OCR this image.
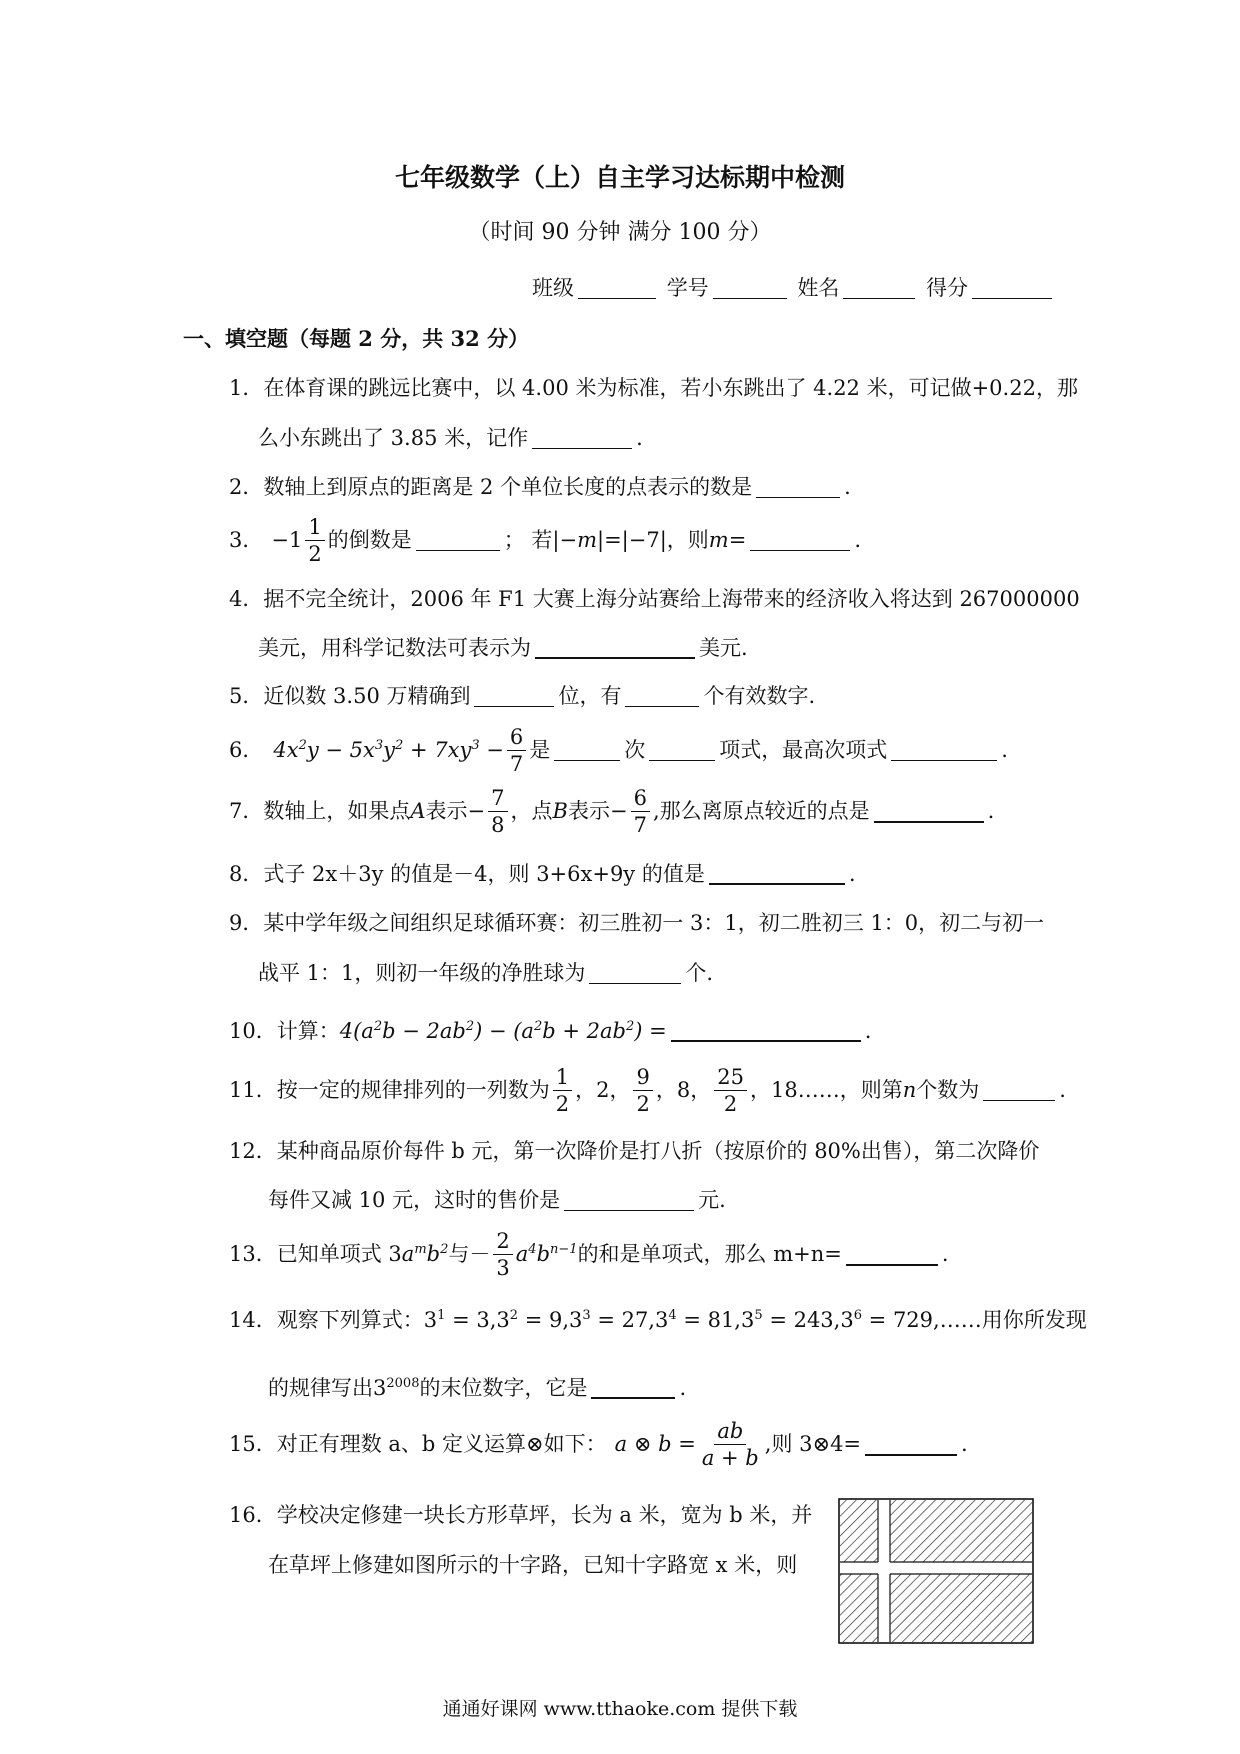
七年级数学（上）自主学习达标期中检测
（时间 90 分钟 满分 100 分）
班级	学号	姓名	得分
一、填空题（每题 2 分，共 32 分）
1．在体育课的跳远比赛中，以 4.00 米为标准，若小东跳出了 4.22 米，可记做+0.22，那
么小东跳出了 3.85 米，记作	.
2．数轴上到原点的距离是 2 个单位长度的点表示的数是	.
3． $-1 \frac{1}{2}$ 的倒数是	； 若|− m |=|−7|，则 m =	.
4．据不完全统计，2006 年 F1 大赛上海分站赛给上海带来的经济收入将达到 267000000
美元，用科学记数法可表示为	美元.
5．近似数 3.50 万精确到	位，有	个有效数字.
6． $4x^2y - 5x^3y^2 + 7xy^3 - \frac{6}{7}$ 是	次	项式，最高次项式	.
7． 数轴上，如果点 A 表示− $\frac{7}{8}$ ，点 B 表示− $\frac{6}{7}$ ,那么离原点较近的点是	.
8．式子 2x＋3y 的值是－4，则 3+6x+9y 的值是	.
9．某中学年级之间组织足球循环赛：初三胜初一 3：1，初二胜初三 1：0，初二与初一
战平 1：1，则初一年级的净胜球为	个.
10．计算：$4(a^2b - 2ab^2) - (a^2b + 2ab^2)$ =	.
11． 按一定的规律排列的一列数为 $\frac{1}{2}$ ，2， $\frac{9}{2}$ ，8， $\frac{25}{2}$ ，18……，则第 n 个数为	.
12．某种商品原价每件 b 元，第一次降价是打八折（按原价的 80%出售），第二次降价
每件又减 10 元，这时的售价是	元.
13． 已知单项式 3 $a^mb^2$ 与－ $\frac{2}{3} a^4b^{n-1}$ 的和是单项式，那么 m+n=	.
14．观察下列算式：$3^1 = 3,3^2 = 9,3^3 = 27,3^4 = 81,3^5 = 243,3^6$ = 729,……用你所发现
的规律写出$3^{2008}$的末位数字，它是	.
15． 对正有理数 a、b 定义运算⊗如下： a ⊗ $b = \frac{ab}{a + b}$ ,则 3⊗4=	.
16．学校决定修建一块长方形草坪，长为 a 米，宽为 b 米，并
在草坪上修建如图所示的十字路，已知十字路宽 x 米，则
通通好课网 www.tthaoke.com 提供下载
